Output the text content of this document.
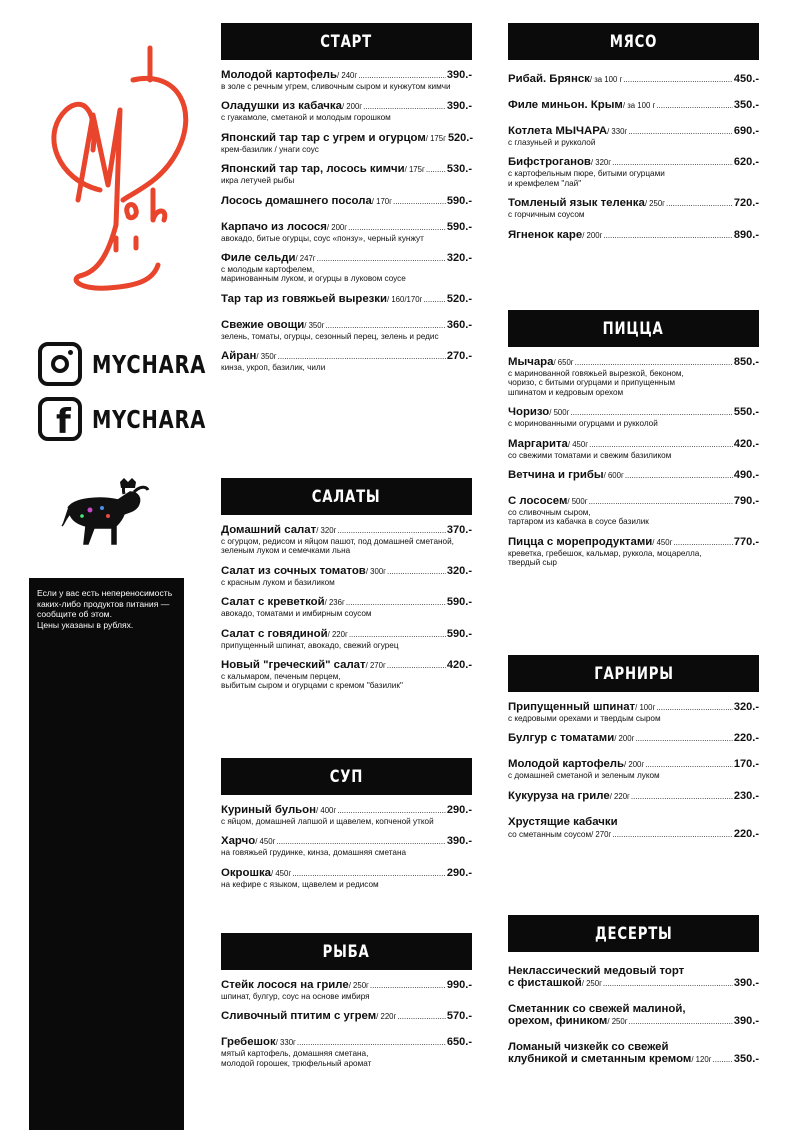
MYCHARA
f MYCHARA
Если у вас есть непереносимость каких-либо продуктов питания — сообщите об этом.
Цены указаны в рублях.
СТАРТ
Молодой картофель / 240г .....	390.-
в золе с речным угрем, сливочным сыром и кунжутом кимчи
Оладушки из кабачка / 200г .....	390.-
с гуакамоле, сметаной и молодым горошком
Японский тар тар с угрем и огурцом / 175г 520.-
крем-базилик / унаги соус
Японский тар тар, лосось кимчи / 175г ..... 530.-
икра летучей рыбы
Лосось домашнего посола / 170г .....	590.-
Карпачо из лосося / 200г .....	590.-
авокадо, битые огурцы, соус «понзу», черный кунжут
Филе сельди / 247г .....	320.-
с молодым картофелем,
маринованным луком, и огурцы в луковом соусе
Тар тар из говяжьей вырезки / 160/170г ..... 520.-
Свежие овощи / 350г .....	360.-
зелень, томаты, огурцы, сезонный перец, зелень и редис
Айран / 350г .....	270.-
кинза, укроп, базилик, чили
САЛАТЫ
Домашний салат / 320г .....	370.-
с огурцом, редисом и яйцом пашот, под домашней сметаной, зеленым луком и семечками льна
Салат из сочных томатов / 300г .....	320.-
с красным луком и базиликом
Салат с креветкой / 236г .....	590.-
авокадо, томатами и имбирным соусом
Салат с говядиной / 220г .....	590.-
припущенный шпинат, авокадо, свежий огурец
Новый "греческий" салат / 270г .....	420.-
с кальмаром, печеным перцем,
выбитым сыром и огурцами с кремом "базилик"
СУП
Куриный бульон / 400г .....	290.-
с яйцом, домашней лапшой и щавелем, копченой уткой
Харчо / 450г .....	390.-
на говяжьей грудинке, кинза, домашняя сметана
Окрошка / 450г .....	290.-
на кефире с языком, щавелем и редисом
РЫБА
Стейк лосося на гриле / 250г .....	990.-
шпинат, булгур, соус на основе имбиря
Сливочный птитим с угрем / 220г .....	570.-
Гребешок / 330г .....	650.-
мятый картофель, домашняя сметана,
молодой горошек, трюфельный аромат
МЯСО
Рибай. Брянск / за 100 г .....	450.-
Филе миньон. Крым / за 100 г .....	350.-
Котлета МЫЧАРА / 330г .....	690.-
с глазуньей и рукколой
Бифстроганов / 320г .....	620.-
с картофельным пюре, битыми огурцами
и кремфелем "лай"
Томленый язык теленка / 250г .....	720.-
с горчичным соусом
Ягненок каре / 200г .....	890.-
ПИЦЦА
Мычара / 650г .....	850.-
с маринованной говяжьей вырезкой, беконом,
чоризо, с битыми огурцами и припущенным
шпинатом и кедровым орехом
Чоризо / 500г .....	550.-
с моринованными огурцами и рукколой
Маргарита / 450г .....	420.-
со свежими томатами и свежим базиликом
Ветчина и грибы / 600г .....	490.-
С лососем / 500г .....	790.-
со сливочным сыром,
тартаром из кабачка в соусе базилик
Пицца с морепродуктами / 450г .....	770.-
креветка, гребешок, кальмар, руккола, моцарелла,
твердый сыр
ГАРНИРЫ
Припущенный шпинат / 100г .....	320.-
с кедровыми орехами и твердым сыром
Булгур с томатами / 200г .....	220.-
Молодой картофель / 200г .....	170.-
с домашней сметаной и зеленым луком
Кукуруза на гриле / 220г .....	230.-
Хрустящие кабачки
со сметанным соусом / 270г .....	220.-
ДЕСЕРТЫ
Неклассический медовый торт
с фисташкой / 250г .....	390.-
Сметанник со свежей малиной,
орехом, фиником / 250г .....	390.-
Ломаный чизкейк со свежей
клубникой и сметанным кремом / 120г ..... 350.-
